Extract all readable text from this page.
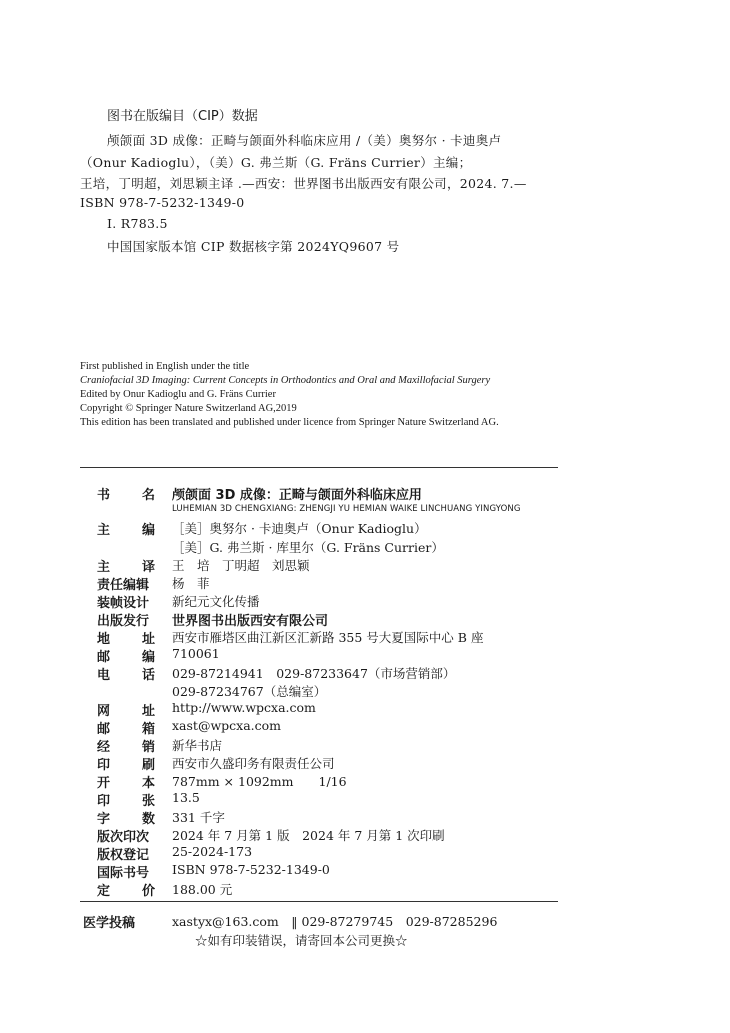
图书在版编目（CIP）数据
颅颌面 3D 成像：正畸与颌面外科临床应用 /（美）奥努尔 · 卡迪奥卢
（Onur Kadioglu），（美）G. 弗兰斯（G. Fräns Currier）主编；
王培，丁明超，刘思颖主译 .—西安：世界图书出版西安有限公司，2024. 7.—
ISBN 978-7-5232-1349-0
Ⅰ. R783.5
中国国家版本馆 CIP 数据核字第 2024YQ9607 号
First published in English under the title
Craniofacial 3D Imaging: Current Concepts in Orthodontics and Oral and Maxillofacial Surgery
Edited by Onur Kadioglu and G. Fräns Currier
Copyright © Springer Nature Switzerland AG,2019
This edition has been translated and published under licence from Springer Nature Switzerland AG.
书 名 颅颌面 3D 成像：正畸与颌面外科临床应用
LUHEMIAN 3D CHENGXIANG: ZHENGJI YU HEMIAN WAIKE LINCHUANG YINGYONG
主 编 ［美］奥努尔 · 卡迪奥卢（Onur Kadioglu）
［美］G. 弗兰斯 · 库里尔（G. Fräns Currier）
主 译 王　培　丁明超　刘思颖
责任编辑	杨　菲
装帧设计	新纪元文化传播
出版发行	世界图书出版西安有限公司
地 址 西安市雁塔区曲江新区汇新路 355 号大夏国际中心 B 座
邮 编 710061
电 话 029-87214941　029-87233647（市场营销部）
029-87234767（总编室）
网 址 http://www.wpcxa.com
邮 箱 xast@wpcxa.com
经 销 新华书店
印 刷 西安市久盛印务有限责任公司
开 本 787mm × 1092mm　　1/16
印 张 13.5
字 数 331 千字
版次印次	2024 年 7 月第 1 版　2024 年 7 月第 1 次印刷
版权登记	25-2024-173
国际书号	ISBN 978-7-5232-1349-0
定 价 188.00 元
医学投稿	xastyx@163.com　‖ 029-87279745　029-87285296
☆如有印装错误，请寄回本公司更换☆
